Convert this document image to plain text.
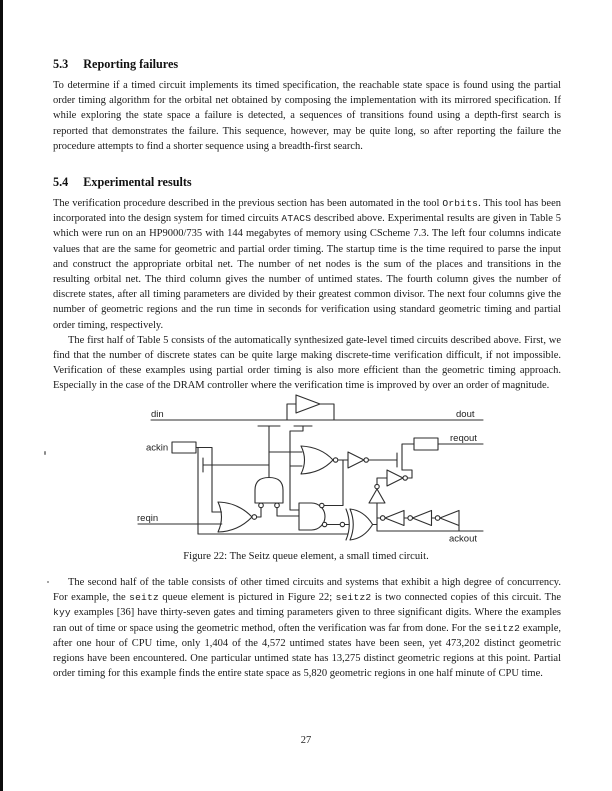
5.3 Reporting failures

To determine if a timed circuit implements its timed specification, the reachable state space is found using the partial order timing algorithm for the orbital net obtained by composing the implementation with its mirrored specification. If while exploring the state space a failure is detected, a sequences of transitions found using a depth-first search is reported that demonstrates the failure. This sequence, however, may be quite long, so after reporting the failure the procedure attempts to find a shorter sequence using a breadth-first search.

5.4 Experimental results

The verification procedure described in the previous section has been automated in the tool Orbits. This tool has been incorporated into the design system for timed circuits ATACS described above. Experimental results are given in Table 5 which were run on an HP9000/735 with 144 megabytes of memory using CScheme 7.3. The left four columns indicate values that are the same for geometric and partial order timing. The startup time is the time required to parse the input and construct the appropriate orbital net. The number of net nodes is the sum of the places and transitions in the resulting orbital net. The third column gives the number of untimed states. The fourth column gives the number of discrete states, after all timing parameters are divided by their greatest common divisor. The next four columns give the number of geometric regions and the run time in seconds for verification using standard geometric timing and partial order timing, respectively.

The first half of Table 5 consists of the automatically synthesized gate-level timed circuits described above. First, we find that the number of discrete states can be quite large making discrete-time verification difficult, if not impossible. Verification of these examples using partial order timing is also more efficient than the geometric timing approach. Especially in the case of the DRAM controller where the verification time is improved by over an order of magnitude.

din	dout
ackin
reqout
reqin
ackout
Figure 22: The Seitz queue element, a small timed circuit.

The second half of the table consists of other timed circuits and systems that exhibit a high degree of concurrency. For example, the seitz queue element is pictured in Figure 22; seitz2 is two connected copies of this circuit. The kyy examples [36] have thirty-seven gates and timing parameters given to three significant digits. Where the examples ran out of time or space using the geometric method, often the verification was far from done. For the seitz2 example, after one hour of CPU time, only 1,404 of the 4,572 untimed states have been seen, yet 473,202 distinct geometric regions have been encountered. One particular untimed state has 13,275 distinct geometric regions at this point. Partial order timing for this example finds the entire state space as 5,820 geometric regions in one half minute of CPU time.

27
